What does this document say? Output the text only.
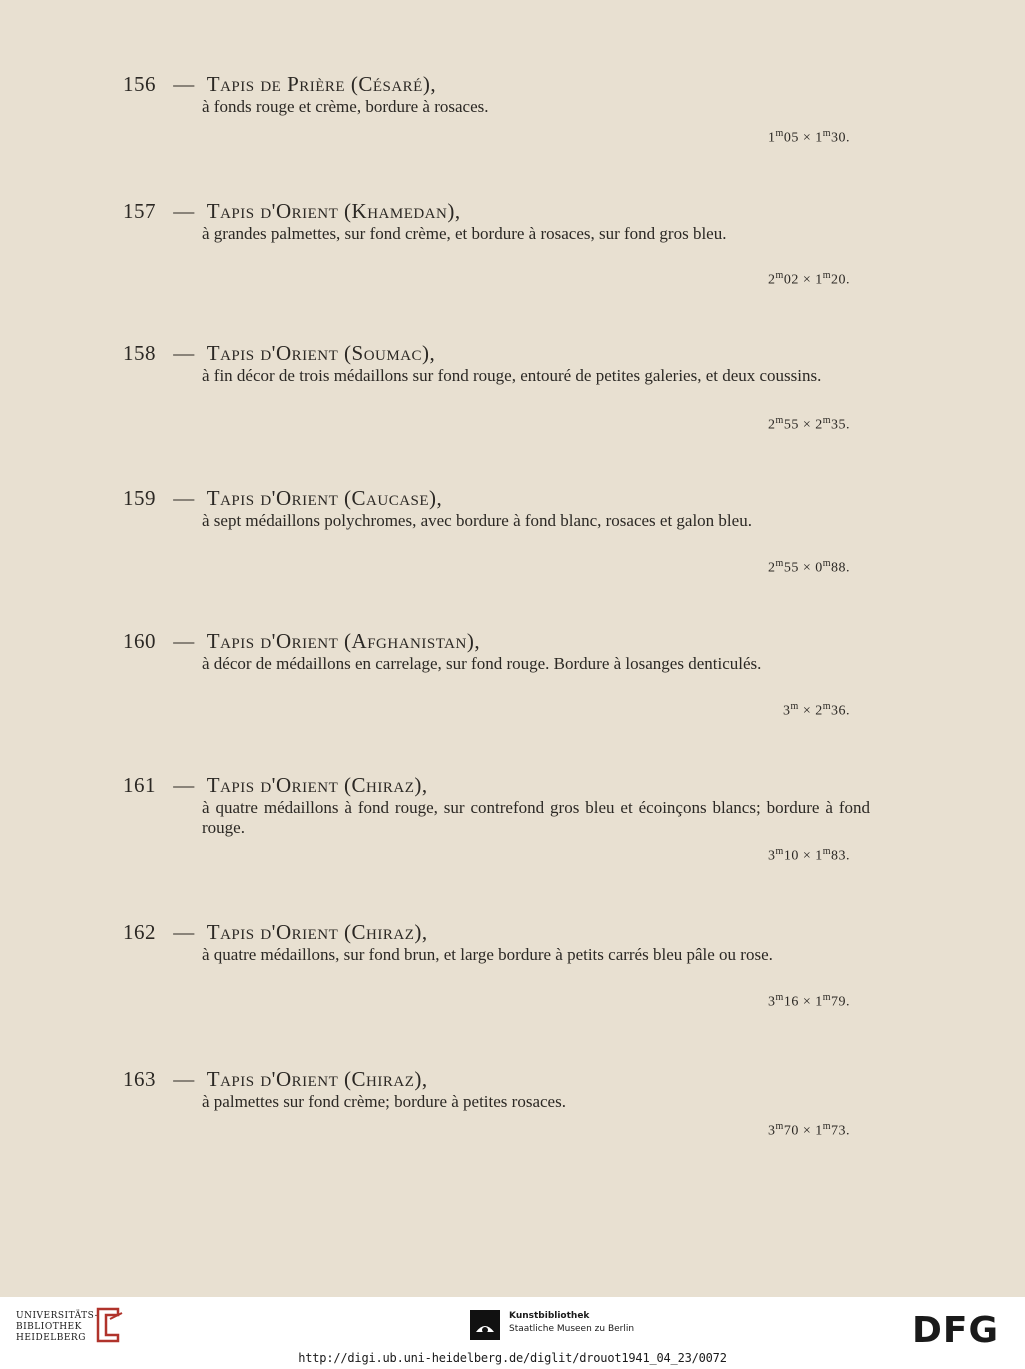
156 — Tapis de Prière (Césaré),
à fonds rouge et crème, bordure à rosaces.
$1^m05 \times 1^m30$.
157 — Tapis d'Orient (Khamedan),
à grandes palmettes, sur fond crème, et bordure à rosaces, sur fond gros bleu.
$2^m02 \times 1^m20$.
158 — Tapis d'Orient (Soumac),
à fin décor de trois médaillons sur fond rouge, entouré de petites galeries, et deux coussins.
$2^m55 \times 2^m35$.
159 — Tapis d'Orient (Caucase),
à sept médaillons polychromes, avec bordure à fond blanc, rosaces et galon bleu.
$2^m55 \times 0^m88$.
160 — Tapis d'Orient (Afghanistan),
à décor de médaillons en carrelage, sur fond rouge. Bordure à losanges denticulés.
$3^m \times 2^m36$.
161 — Tapis d'Orient (Chiraz),
à quatre médaillons à fond rouge, sur contrefond gros bleu et écoinçons blancs; bordure à fond rouge.
$3^m10 \times 1^m83$.
162 — Tapis d'Orient (Chiraz),
à quatre médaillons, sur fond brun, et large bordure à petits carrés bleu pâle ou rose.
$3^m16 \times 1^m79$.
163 — Tapis d'Orient (Chiraz),
à palmettes sur fond crème; bordure à petites rosaces.
$3^m70 \times 1^m73$.
UNIVERSITÄTS-
BIBLIOTHEK
HEIDELBERG
Kunstbibliothek
Staatliche Museen zu Berlin	DFG
http://digi.ub.uni-heidelberg.de/diglit/drouot1941_04_23/0072
